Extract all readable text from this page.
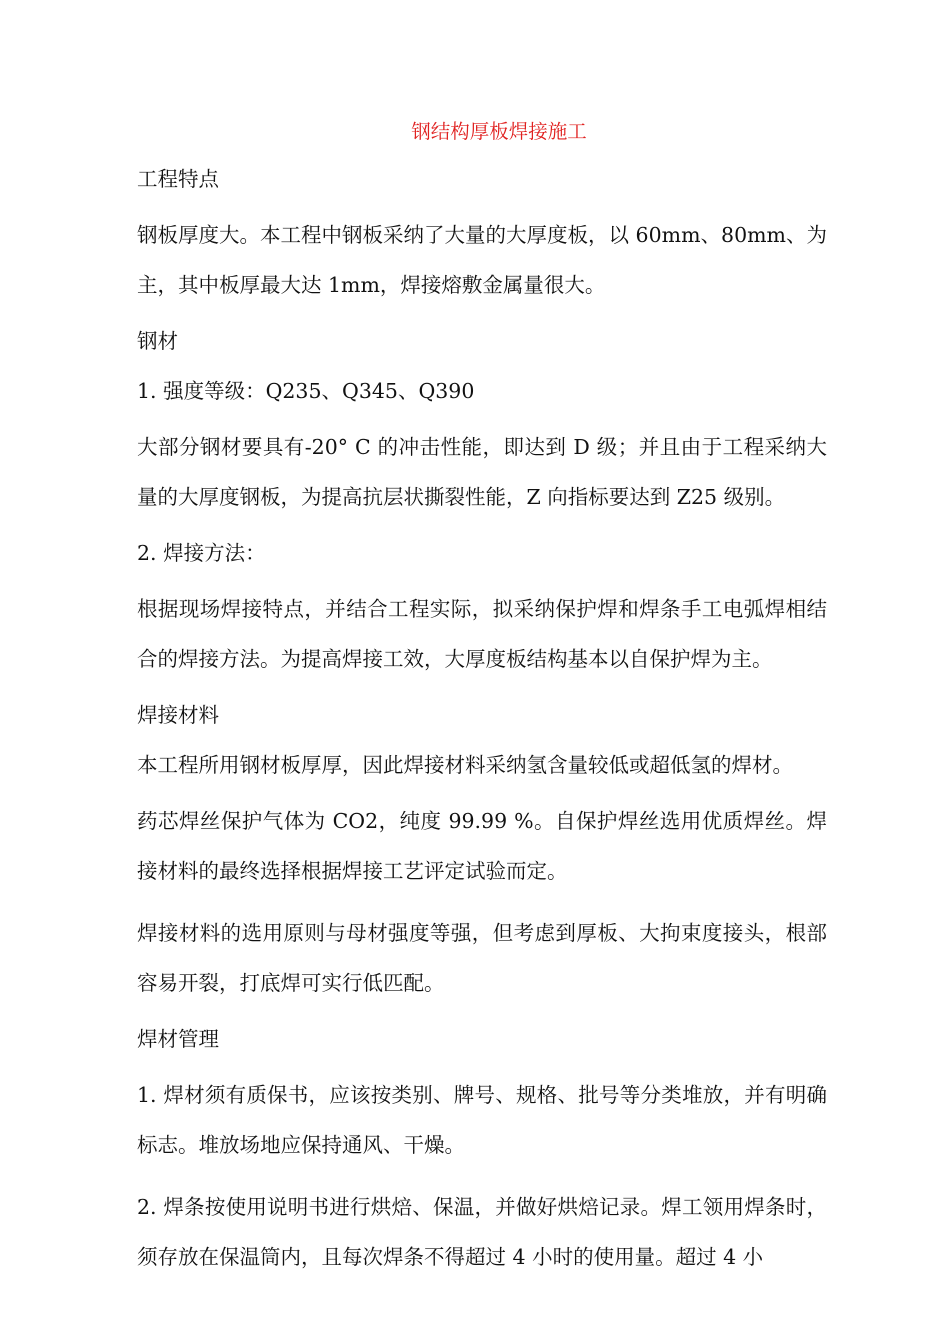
钢结构厚板焊接施工
工程特点
钢板厚度大。本工程中钢板采纳了大量的大厚度板，以 60mm、80mm、为主，其中板厚最大达 1mm，焊接熔敷金属量很大。
钢材
1. 强度等级：Q235、Q345、Q390
大部分钢材要具有-20° C 的冲击性能，即达到 D 级；并且由于工程采纳大量的大厚度钢板，为提高抗层状撕裂性能，Z 向指标要达到 Z25 级别。
2. 焊接方法：
根据现场焊接特点，并结合工程实际，拟采纳保护焊和焊条手工电弧焊相结合的焊接方法。为提高焊接工效，大厚度板结构基本以自保护焊为主。
焊接材料
本工程所用钢材板厚厚，因此焊接材料采纳氢含量较低或超低氢的焊材。
药芯焊丝保护气体为 CO2，纯度 99.99 %。自保护焊丝选用优质焊丝。焊接材料的最终选择根据焊接工艺评定试验而定。
焊接材料的选用原则与母材强度等强，但考虑到厚板、大拘束度接头，根部容易开裂，打底焊可实行低匹配。
焊材管理
1. 焊材须有质保书，应该按类别、牌号、规格、批号等分类堆放，并有明确标志。堆放场地应保持通风、干燥。
2. 焊条按使用说明书进行烘焙、保温，并做好烘焙记录。焊工领用焊条时，须存放在保温筒内，且每次焊条不得超过 4 小时的使用量。超过 4 小
